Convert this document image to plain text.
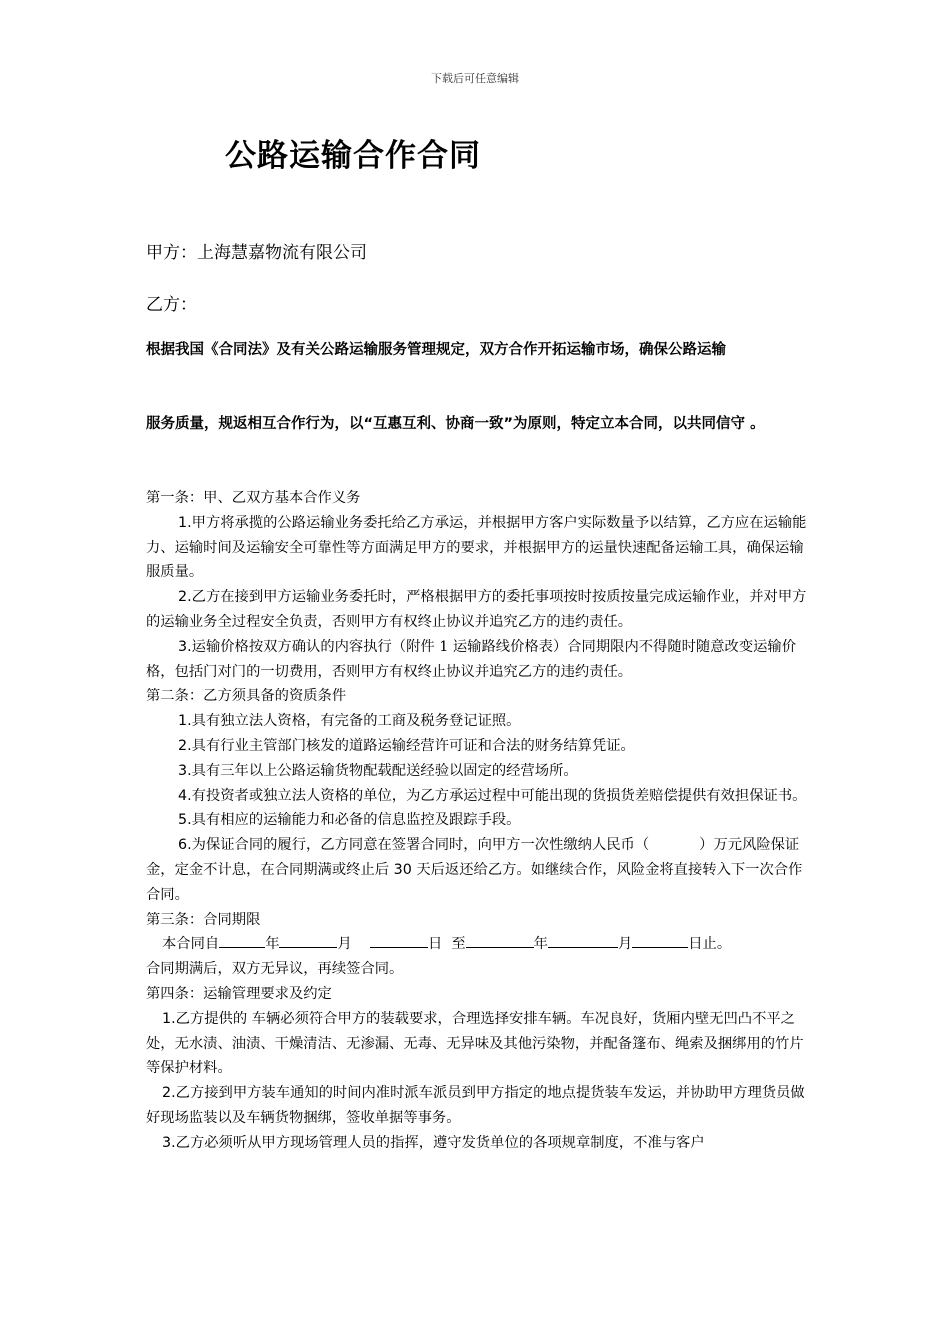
下载后可任意编辑
公路运输合作合同
甲方：上海慧嘉物流有限公司
乙方：
根据我国《合同法》及有关公路运输服务管理规定，双方合作开拓运输市场，确保公路运输
服务质量，规返相互合作行为，以“互惠互利、协商一致”为原则，特定立本合同，以共同信守 。

第一条：甲、乙双方基本合作义务

1.甲方将承揽的公路运输业务委托给乙方承运，并根据甲方客户实际数量予以结算，乙方应在运输能力、运输时间及运输安全可靠性等方面满足甲方的要求，并根据甲方的运量快速配备运输工具，确保运输服质量。

2.乙方在接到甲方运输业务委托时，严格根据甲方的委托事项按时按质按量完成运输作业，并对甲方的运输业务全过程安全负责，否则甲方有权终止协议并追究乙方的违约责任。

3.运输价格按双方确认的内容执行（附件 1 运输路线价格表）合同期限内不得随时随意改变运输价格，包括门对门的一切费用，否则甲方有权终止协议并追究乙方的违约责任。

第二条：乙方须具备的资质条件

1.具有独立法人资格，有完备的工商及税务登记证照。

2.具有行业主管部门核发的道路运输经营许可证和合法的财务结算凭证。

3.具有三年以上公路运输货物配载配送经验以固定的经营场所。

4.有投资者或独立法人资格的单位，为乙方承运过程中可能出现的货损货差赔偿提供有效担保证书。

5.具有相应的运输能力和必备的信息监控及跟踪手段。

6.为保证合同的履行，乙方同意在签署合同时，向甲方一次性缴纳人民币（	）万元风险保证金，定金不计息，在合同期满或终止后 30 天后返还给乙方。如继续合作，风险金将直接转入下一次合作合同。

第三条：合同期限

本合同自	年	月	日 至	年	月	日止。

合同期满后，双方无异议，再续签合同。

第四条：运输管理要求及约定

1.乙方提供的 车辆必须符合甲方的装载要求，合理选择安排车辆。车况良好，货厢内壁无凹凸不平之处，无水渍、油渍、干燥清洁、无渗漏、无毒、无异味及其他污染物，并配备篷布、绳索及捆绑用的竹片等保护材料。

2.乙方接到甲方装车通知的时间内准时派车派员到甲方指定的地点提货装车发运，并协助甲方理货员做好现场监装以及车辆货物捆绑，签收单据等事务。

3.乙方必须听从甲方现场管理人员的指挥，遵守发货单位的各项规章制度，不准与客户
